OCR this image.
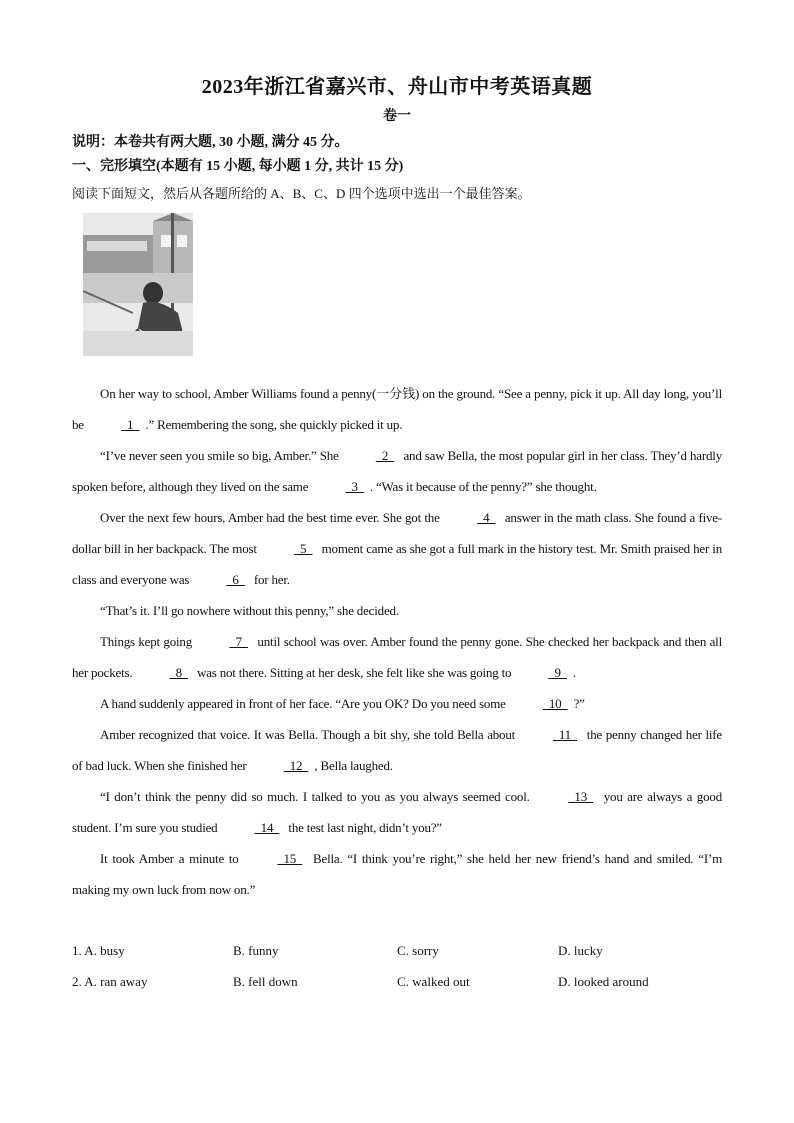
2023年浙江省嘉兴市、舟山市中考英语真题
卷一
说明：本卷共有两大题, 30 小题, 满分 45 分。
一、完形填空(本题有 15 小题, 每小题 1 分, 共计 15 分)
阅读下面短文，然后从各题所给的 A、B、C、D 四个选项中选出一个最佳答案。

On her way to school, Amber Williams found a penny(一分钱) on the ground. “See a penny, pick it up. All day long, you’ll be	1  .” Remembering the song, she quickly picked it up.

“I’ve never seen you smile so big, Amber.” She	2   and saw Bella, the most popular girl in her class. They’d hardly spoken before, although they lived on the same	3  . “Was it because of the penny?” she thought.

Over the next few hours, Amber had the best time ever. She got the	4   answer in the math class. She found a five-dollar bill in her backpack. The most	5   moment came as she got a full mark in the history test. Mr. Smith praised her in class and everyone was	6   for her.

“That’s it. I’ll go nowhere without this penny,” she decided.

Things kept going	7   until school was over. Amber found the penny gone. She checked her backpack and then all her pockets.	8   was not there. Sitting at her desk, she felt like she was going to	9  .

A hand suddenly appeared in front of her face. “Are you OK? Do you need some	10  ?”

Amber recognized that voice. It was Bella. Though a bit shy, she told Bella about	11   the penny changed her life of bad luck. When she finished her	12  , Bella laughed.

“I don’t think the penny did so much. I talked to you as you always seemed cool.	13   you are always a good student. I’m sure you studied	14   the test last night, didn’t you?”

It took Amber a minute to	15   Bella. “I think you’re right,” she held her new friend’s hand and smiled. “I’m making my own luck from now on.”

1. A. busy	B. funny	C. sorry	D. lucky
2. A. ran away	B. fell down	C. walked out	D. looked around
